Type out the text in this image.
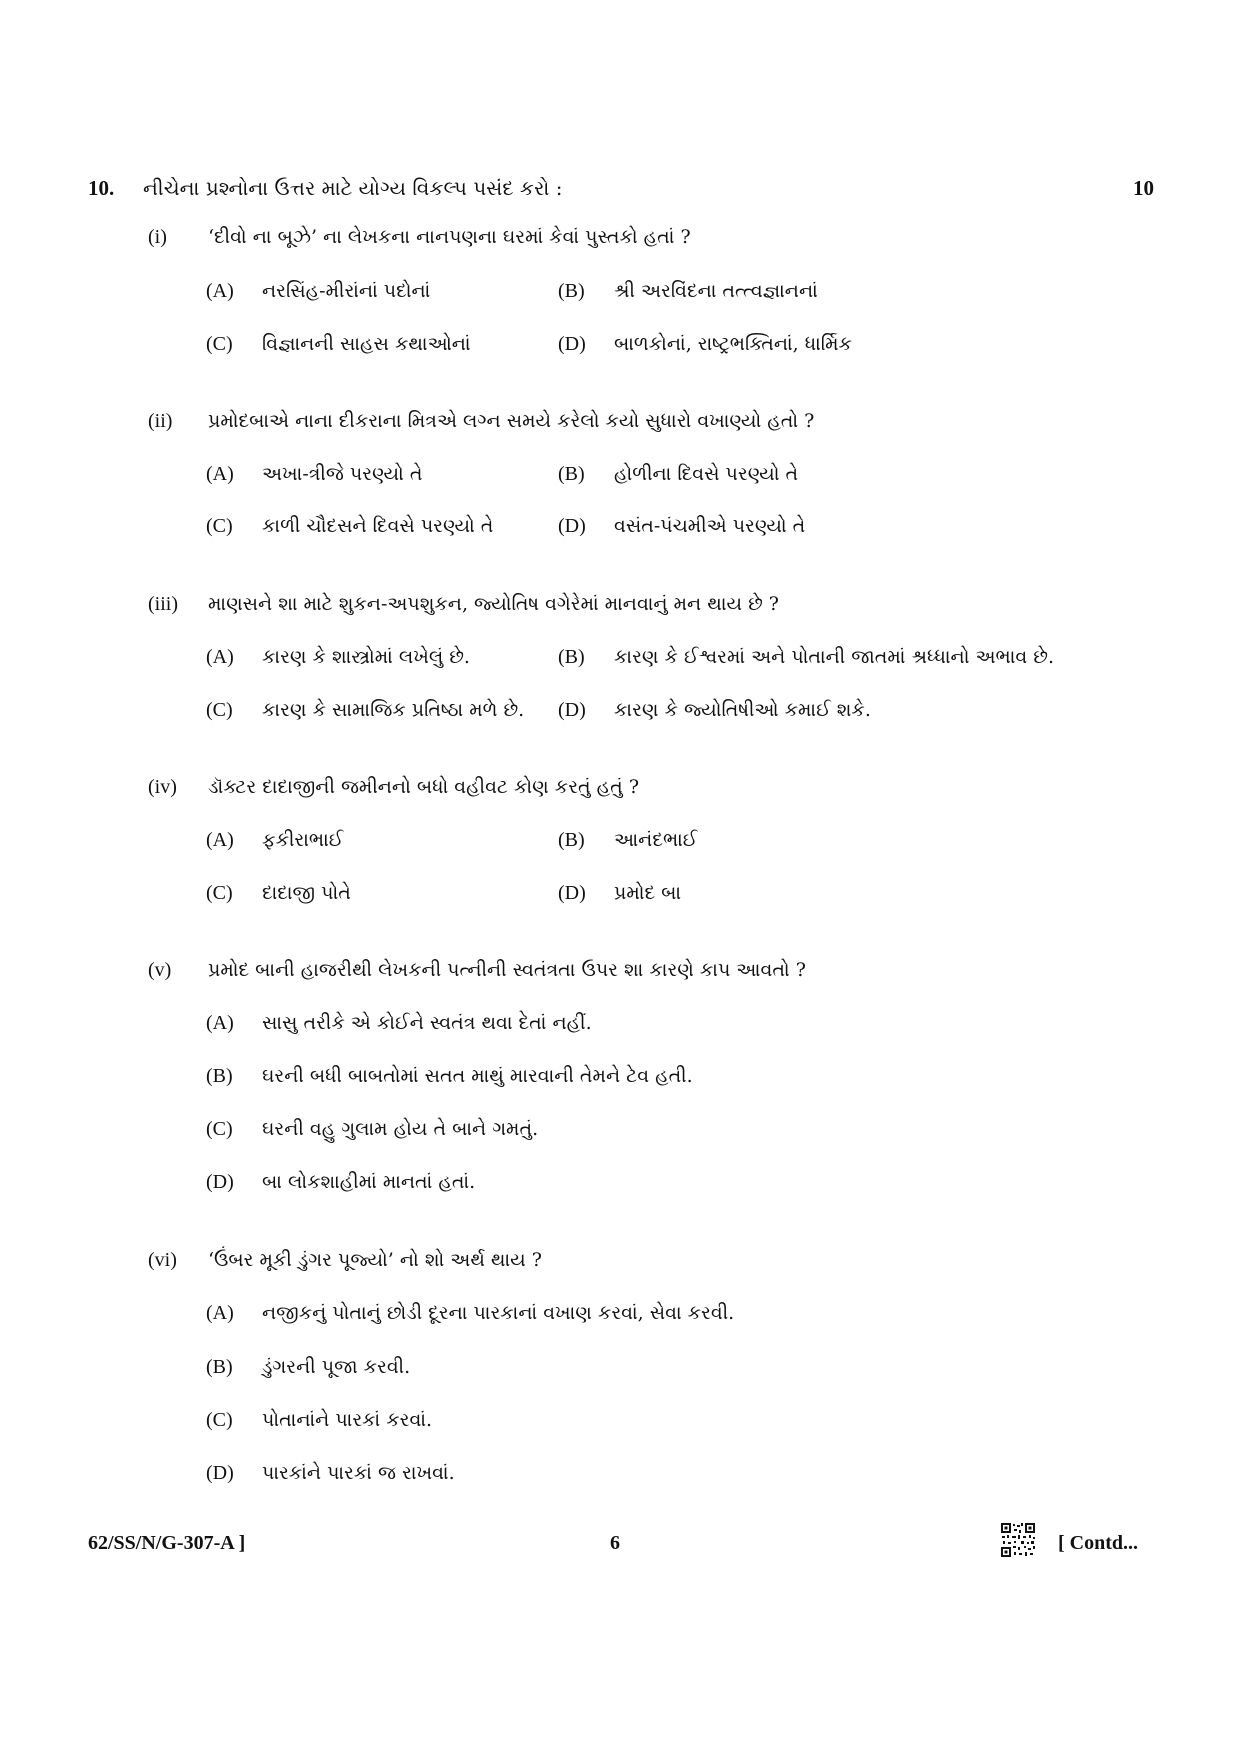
10. નીચેના પ્રશ્નોના ઉત્તર માટે યોગ્ય વિકલ્પ પસંદ કરો :	10
(i) ‘દીવો ના બૂઝે’ ના લેખકના નાનપણના ઘરમાં કેવાં પુસ્તકો હતાં ?
(A) નરસિંહ-મીરાંનાં પદોનાં	(B) શ્રી અરવિંદના તત્ત્વજ્ઞાનનાં
(C) વિજ્ઞાનની સાહસ કથાઓનાં	(D) બાળકોનાં, રાષ્ટ્રભક્તિનાં, ધાર્મિક
(ii) પ્રમોદબાએ નાના દીકરાના મિત્રએ લગ્ન સમયે કરેલો કયો સુધારો વખાણ્યો હતો ?
(A) અખા-ત્રીજે પરણ્યો તે	(B) હોળીના દિવસે પરણ્યો તે
(C) કાળી ચૌદસને દિવસે પરણ્યો તે	(D) વસંત-પંચમીએ પરણ્યો તે
(iii) માણસને શા માટે શુકન-અપશુકન, જ્યોતિષ વગેરેમાં માનવાનું મન થાય છે ?
(A) કારણ કે શાસ્ત્રોમાં લખેલું છે.	(B) કારણ કે ઈશ્વરમાં અને પોતાની જાતમાં શ્રધ્ધાનો અભાવ છે.
(C) કારણ કે સામાજિક પ્રતિષ્ઠા મળે છે. (D) કારણ કે જ્યોતિષીઓ કમાઈ શકે.
(iv) ડૉક્ટર દાદાજીની જમીનનો બધો વહીવટ કોણ કરતું હતું ?
(A) ફકીરાભાઈ	(B) આનંદભાઈ
(C) દાદાજી પોતે	(D) પ્રમોદ બા
(v) પ્રમોદ બાની હાજરીથી લેખકની પત્નીની સ્વતંત્રતા ઉપર શા કારણે કાપ આવતો ?
(A) સાસુ તરીકે એ કોઈને સ્વતંત્ર થવા દેતાં નહીં.
(B) ઘરની બધી બાબતોમાં સતત માથું મારવાની તેમને ટેવ હતી.
(C) ઘરની વહુ ગુલામ હોય તે બાને ગમતું.
(D) બા લોકશાહીમાં માનતાં હતાં.
(vi) ‘ઉંબર મૂકી ડુંગર પૂજ્યો’ નો શો અર્થ થાય ?
(A) નજીકનું પોતાનું છોડી દૂરના પારકાનાં વખાણ કરવાં, સેવા કરવી.
(B) ડુંગરની પૂજા કરવી.
(C) પોતાનાંને પારકાં કરવાં.
(D) પારકાંને પારકાં જ રાખવાં.
62/SS/N/G-307-A ]	6	[ Contd...
